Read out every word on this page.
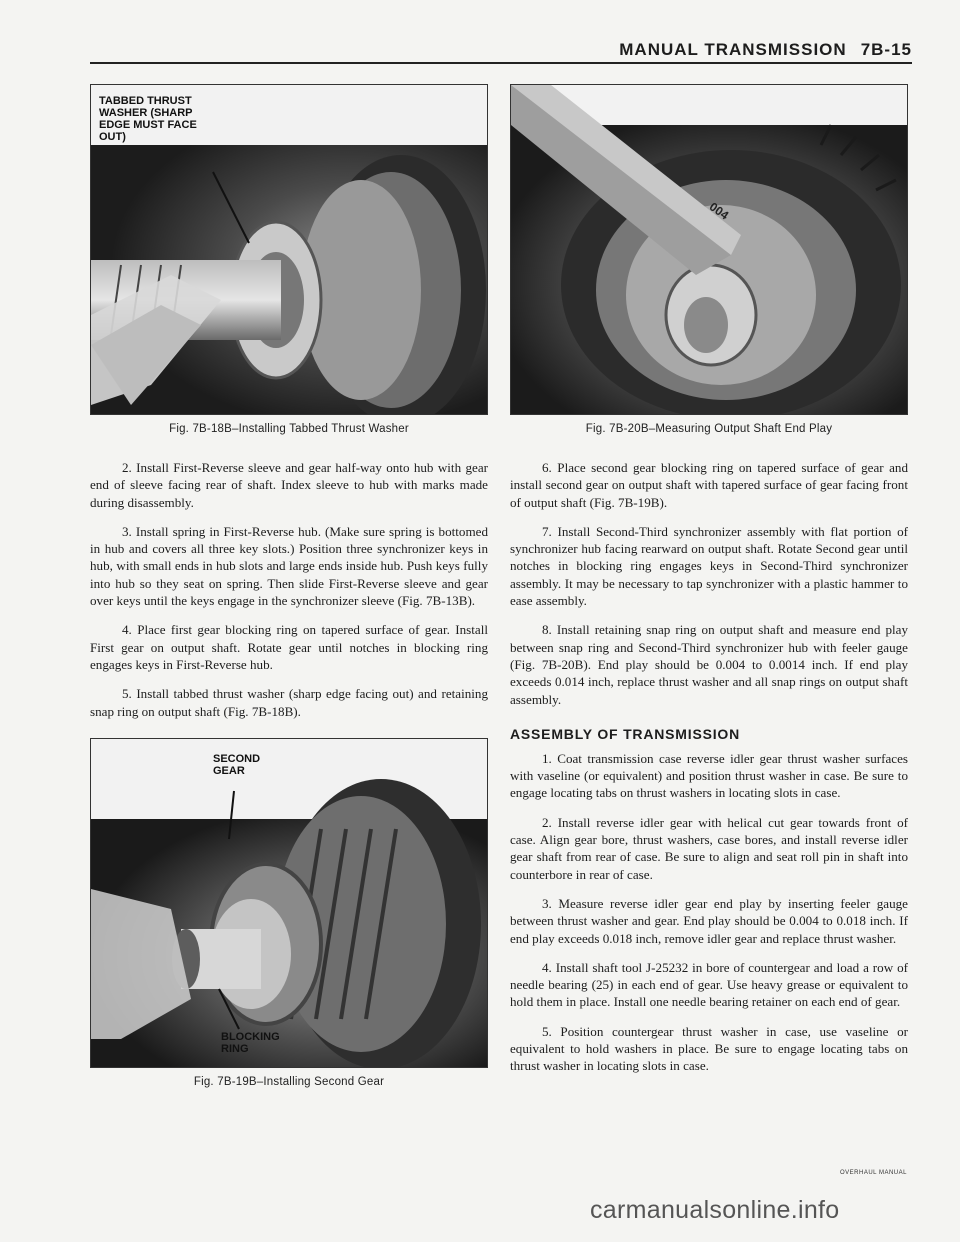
MANUAL TRANSMISSION 7B-15
TABBED THRUST WASHER (SHARP EDGE MUST FACE OUT)
Fig. 7B-18B–Installing Tabbed Thrust Washer

2. Install First-Reverse sleeve and gear half-way onto hub with gear end of sleeve facing rear of shaft. Index sleeve to hub with marks made during disassembly.

3. Install spring in First-Reverse hub. (Make sure spring is bottomed in hub and covers all three key slots.) Position three synchronizer keys in hub, with small ends in hub slots and large ends inside hub. Push keys fully into hub so they seat on spring. Then slide First-Reverse sleeve and gear over keys until the keys engage in the synchronizer sleeve (Fig. 7B-13B).

4. Place first gear blocking ring on tapered surface of gear. Install First gear on output shaft. Rotate gear until notches in blocking ring engages keys in First-Reverse hub.

5. Install tabbed thrust washer (sharp edge facing out) and retaining snap ring on output shaft (Fig. 7B-18B).

SECOND GEAR
BLOCKING RING
Fig. 7B-19B–Installing Second Gear
004
Fig. 7B-20B–Measuring Output Shaft End Play

6. Place second gear blocking ring on tapered surface of gear and install second gear on output shaft with tapered surface of gear facing front of output shaft (Fig. 7B-19B).

7. Install Second-Third synchronizer assembly with flat portion of synchronizer hub facing rearward on output shaft. Rotate Second gear until notches in blocking ring engages keys in Second-Third synchronizer assembly. It may be necessary to tap synchronizer with a plastic hammer to ease assembly.

8. Install retaining snap ring on output shaft and measure end play between snap ring and Second-Third synchronizer hub with feeler gauge (Fig. 7B-20B). End play should be 0.004 to 0.0014 inch. If end play exceeds 0.014 inch, replace thrust washer and all snap rings on output shaft assembly.

ASSEMBLY OF TRANSMISSION

1. Coat transmission case reverse idler gear thrust washer surfaces with vaseline (or equivalent) and position thrust washer in case. Be sure to engage locating tabs on thrust washers in locating slots in case.

2. Install reverse idler gear with helical cut gear towards front of case. Align gear bore, thrust washers, case bores, and install reverse idler gear shaft from rear of case. Be sure to align and seat roll pin in shaft into counterbore in rear of case.

3. Measure reverse idler gear end play by inserting feeler gauge between thrust washer and gear. End play should be 0.004 to 0.018 inch. If end play exceeds 0.018 inch, remove idler gear and replace thrust washer.

4. Install shaft tool J-25232 in bore of countergear and load a row of needle bearing (25) in each end of gear. Use heavy grease or equivalent to hold them in place. Install one needle bearing retainer on each end of gear.

5. Position countergear thrust washer in case, use vaseline or equivalent to hold washers in place. Be sure to engage locating tabs on thrust washer in locating slots in case.

OVERHAUL MANUAL
carmanualsonline.info
